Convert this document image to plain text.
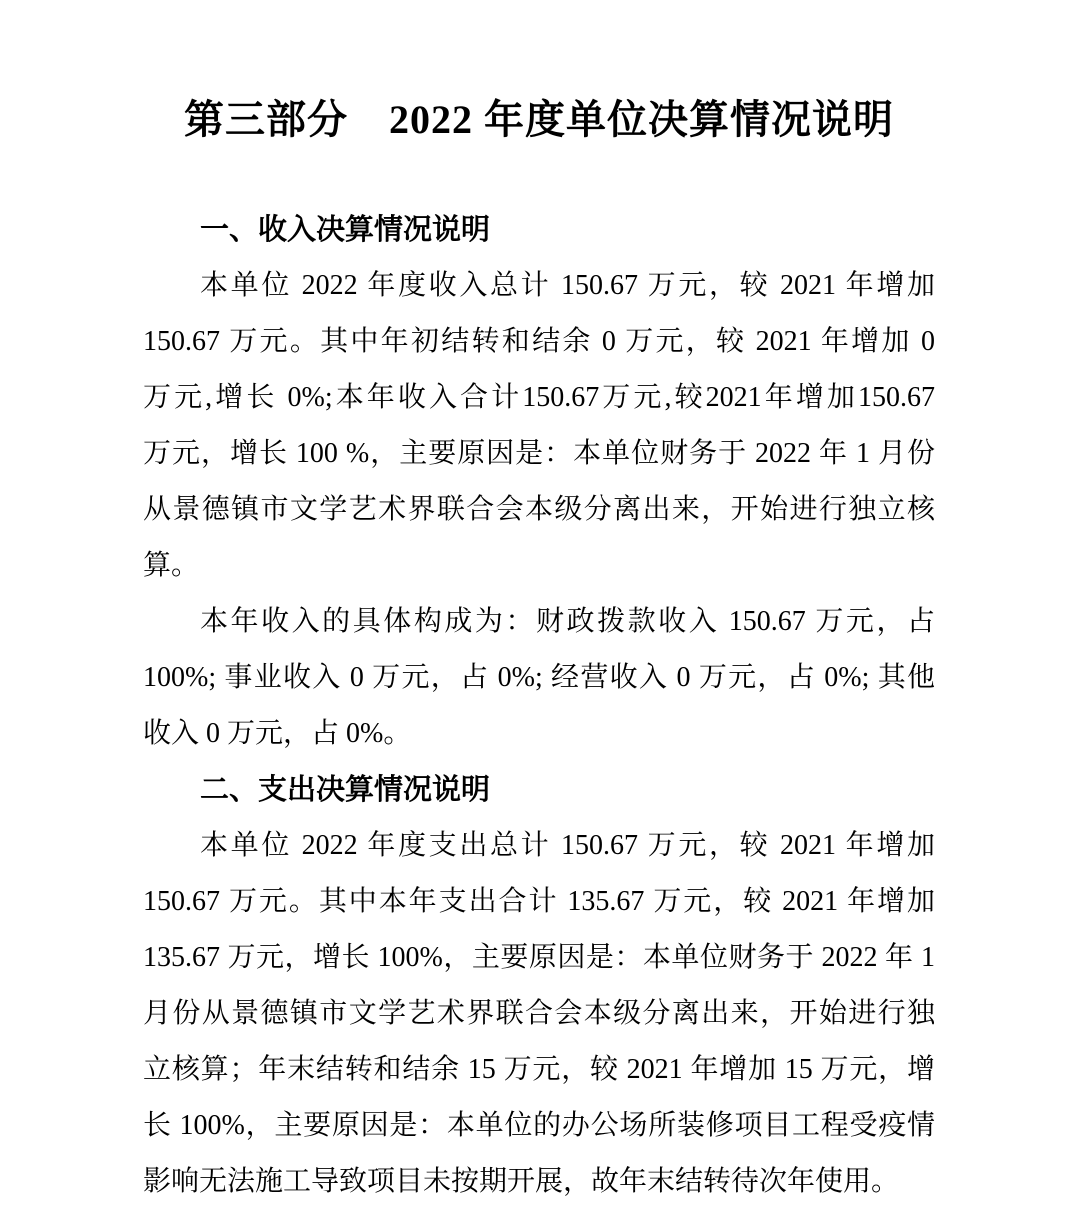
第三部分　2022 年度单位决算情况说明
一、收入决算情况说明
本单位 2022 年度收入总计 150.67 万元，较 2021 年增加
150.67 万元。其中年初结转和结余 0 万元，较 2021 年增加 0
万元,增长 0%;本年收入合计150.67万元,较2021年增加150.67
万元，增长 100 %，主要原因是：本单位财务于 2022 年 1 月份
从景德镇市文学艺术界联合会本级分离出来，开始进行独立核
算。
本年收入的具体构成为：财政拨款收入 150.67 万元，占
100%; 事业收入 0 万元，占 0%; 经营收入 0 万元，占 0%; 其他
收入 0 万元，占 0%。
二、支出决算情况说明
本单位 2022 年度支出总计 150.67 万元，较 2021 年增加
150.67 万元。其中本年支出合计 135.67 万元，较 2021 年增加
135.67 万元，增长 100%，主要原因是：本单位财务于 2022 年 1
月份从景德镇市文学艺术界联合会本级分离出来，开始进行独
立核算；年末结转和结余 15 万元，较 2021 年增加 15 万元，增
长 100%，主要原因是：本单位的办公场所装修项目工程受疫情
影响无法施工导致项目未按期开展，故年末结转待次年使用。
